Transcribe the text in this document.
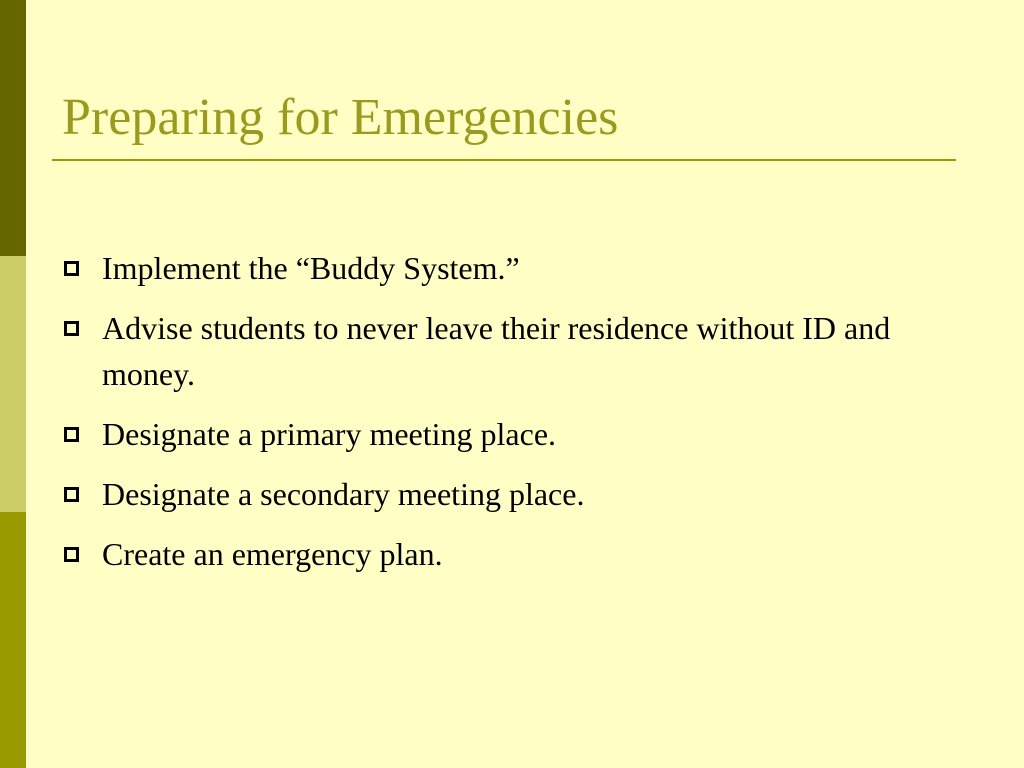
Preparing for Emergencies
Implement the “Buddy System.”
Advise students to never leave their residence without ID and money.
Designate a primary meeting place.
Designate a secondary meeting place.
Create an emergency plan.
